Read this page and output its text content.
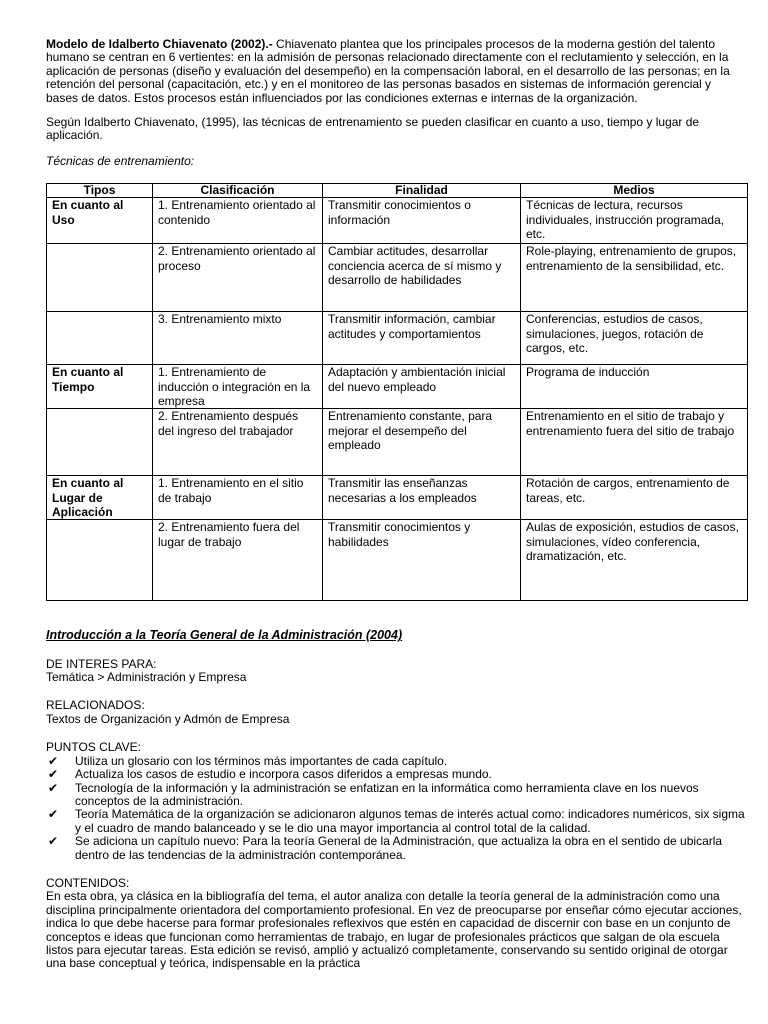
Modelo de Idalberto Chiavenato (2002).- Chiavenato plantea que los principales procesos de la moderna gestión del talento humano se centran en 6 vertientes: en la admisión de personas relacionado directamente con el reclutamiento y selección, en la aplicación de personas (diseño y evaluación del desempeño) en la compensación laboral, en el desarrollo de las personas; en la retención del personal (capacitación, etc.) y en el monitoreo de las personas basados en sistemas de información gerencial y bases de datos. Estos procesos están influenciados por las condiciones externas e internas de la organización.

Según Idalberto Chiavenato, (1995), las técnicas de entrenamiento se pueden clasificar en cuanto a uso, tiempo y lugar de aplicación.

Técnicas de entrenamiento:

Tipos	Clasificación	Finalidad	Medios
En cuanto al Uso	1. Entrenamiento orientado al contenido	Transmitir conocimientos o información	Técnicas de lectura, recursos individuales, instrucción programada, etc.
	2. Entrenamiento orientado al proceso	Cambiar actitudes, desarrollar conciencia acerca de sí mismo y desarrollo de habilidades	Role-playing, entrenamiento de grupos, entrenamiento de la sensibilidad, etc.
	3. Entrenamiento mixto	Transmitir información, cambiar actitudes y comportamientos	Conferencias, estudios de casos, simulaciones, juegos, rotación de cargos, etc.
En cuanto al Tiempo	1. Entrenamiento de inducción o integración en la empresa	Adaptación y ambientación inicial del nuevo empleado	Programa de inducción
	2. Entrenamiento después del ingreso del trabajador	Entrenamiento constante, para mejorar el desempeño del empleado	Entrenamiento en el sitio de trabajo y entrenamiento fuera del sitio de trabajo
En cuanto al Lugar de Aplicación	1. Entrenamiento en el sitio de trabajo	Transmitir las enseñanzas necesarias a los empleados	Rotación de cargos, entrenamiento de tareas, etc.
	2. Entrenamiento fuera del lugar de trabajo	Transmitir conocimientos y habilidades	Aulas de exposición, estudios de casos, simulaciones, vídeo conferencia, dramatización, etc.

Introducción a la Teoría General de la Administración (2004)

DE INTERES PARA:

Temática > Administración y Empresa

RELACIONADOS:

Textos de Organización y Admón de Empresa

PUNTOS CLAVE:

✔ Utiliza un glosario con los términos más importantes de cada capítulo.
✔ Actualiza los casos de estudio e incorpora casos diferidos a empresas mundo.
✔ Tecnología de la información y la administración se enfatizan en la informática como herramienta clave en los nuevos conceptos de la administración.
✔ Teoría Matemática de la organización se adicionaron algunos temas de interés actual como: indicadores numéricos, six sigma y el cuadro de mando balanceado y se le dio una mayor importancia al control total de la calidad.
✔ Se adiciona un capítulo nuevo: Para la teoría General de la Administración, que actualiza la obra en el sentido de ubicarla dentro de las tendencias de la administración contemporánea.

CONTENIDOS:

En esta obra, ya clásica en la bibliografía del tema, el autor analiza con detalle la teoría general de la administración como una disciplina principalmente orientadora del comportamiento profesional. En vez de preocuparse por enseñar cómo ejecutar acciones, indica lo que debe hacerse para formar profesionales reflexivos que estén en capacidad de discernir con base en un conjunto de conceptos e ideas que funcionan como herramientas de trabajo, en lugar de profesionales prácticos que salgan de ola escuela listos para ejecutar tareas. Esta edición se revisó, amplió y actualizó completamente, conservando su sentido original de otorgar una base conceptual y teórica, indispensable en la práctica
